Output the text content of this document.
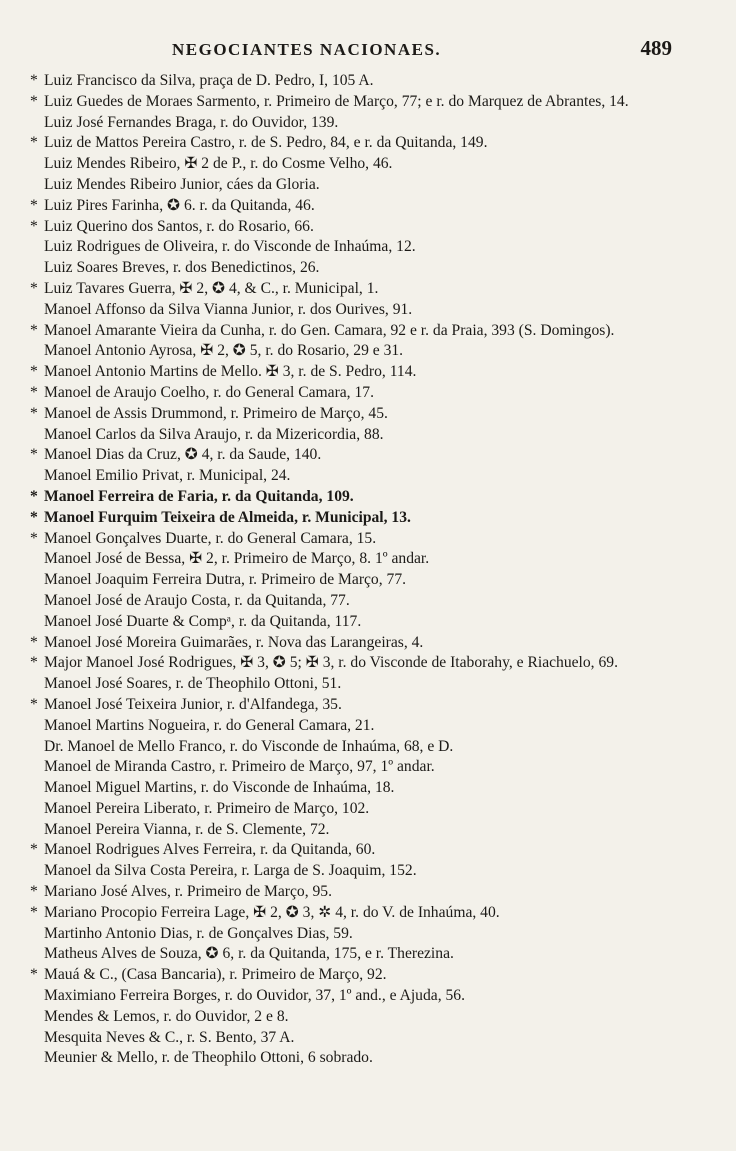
NEGOCIANTES NACIONAES.	489
* Luiz Francisco da Silva, praça de D. Pedro, I, 105 A.
* Luiz Guedes de Moraes Sarmento, r. Primeiro de Março, 77; e r. do Marquez de Abrantes, 14.
Luiz José Fernandes Braga, r. do Ouvidor, 139.
* Luiz de Mattos Pereira Castro, r. de S. Pedro, 84, e r. da Quitanda, 149.
Luiz Mendes Ribeiro, ✠ 2 de P., r. do Cosme Velho, 46.
Luiz Mendes Ribeiro Junior, cáes da Gloria.
* Luiz Pires Farinha, ✪ 6. r. da Quitanda, 46.
* Luiz Querino dos Santos, r. do Rosario, 66.
Luiz Rodrigues de Oliveira, r. do Visconde de Inhaúma, 12.
Luiz Soares Breves, r. dos Benedictinos, 26.
* Luiz Tavares Guerra, ✠ 2, ✪ 4, & C., r. Municipal, 1.
Manoel Affonso da Silva Vianna Junior, r. dos Ourives, 91.
* Manoel Amarante Vieira da Cunha, r. do Gen. Camara, 92 e r. da Praia, 393 (S. Domingos).
Manoel Antonio Ayrosa, ✠ 2, ✪ 5, r. do Rosario, 29 e 31.
* Manoel Antonio Martins de Mello. ✠ 3, r. de S. Pedro, 114.
* Manoel de Araujo Coelho, r. do General Camara, 17.
* Manoel de Assis Drummond, r. Primeiro de Março, 45.
Manoel Carlos da Silva Araujo, r. da Mizericordia, 88.
* Manoel Dias da Cruz, ✪ 4, r. da Saude, 140.
Manoel Emilio Privat, r. Municipal, 24.
* Manoel Ferreira de Faria, r. da Quitanda, 109.
* Manoel Furquim Teixeira de Almeida, r. Municipal, 13.
* Manoel Gonçalves Duarte, r. do General Camara, 15.
Manoel José de Bessa, ✠ 2, r. Primeiro de Março, 8. 1º andar.
Manoel Joaquim Ferreira Dutra, r. Primeiro de Março, 77.
Manoel José de Araujo Costa, r. da Quitanda, 77.
Manoel José Duarte & Compᵃ, r. da Quitanda, 117.
* Manoel José Moreira Guimarães, r. Nova das Larangeiras, 4.
* Major Manoel José Rodrigues, ✠ 3, ✪ 5; ✠ 3, r. do Visconde de Itaborahy, e Riachuelo, 69.
Manoel José Soares, r. de Theophilo Ottoni, 51.
* Manoel José Teixeira Junior, r. d'Alfandega, 35.
Manoel Martins Nogueira, r. do General Camara, 21.
Dr. Manoel de Mello Franco, r. do Visconde de Inhaúma, 68, e D.
Manoel de Miranda Castro, r. Primeiro de Março, 97, 1º andar.
Manoel Miguel Martins, r. do Visconde de Inhaúma, 18.
Manoel Pereira Liberato, r. Primeiro de Março, 102.
Manoel Pereira Vianna, r. de S. Clemente, 72.
* Manoel Rodrigues Alves Ferreira, r. da Quitanda, 60.
Manoel da Silva Costa Pereira, r. Larga de S. Joaquim, 152.
* Mariano José Alves, r. Primeiro de Março, 95.
* Mariano Procopio Ferreira Lage, ✠ 2, ✪ 3, ✲ 4, r. do V. de Inhaúma, 40.
Martinho Antonio Dias, r. de Gonçalves Dias, 59.
Matheus Alves de Souza, ✪ 6, r. da Quitanda, 175, e r. Therezina.
* Mauá & C., (Casa Bancaria), r. Primeiro de Março, 92.
Maximiano Ferreira Borges, r. do Ouvidor, 37, 1º and., e Ajuda, 56.
Mendes & Lemos, r. do Ouvidor, 2 e 8.
Mesquita Neves & C., r. S. Bento, 37 A.
Meunier & Mello, r. de Theophilo Ottoni, 6 sobrado.
